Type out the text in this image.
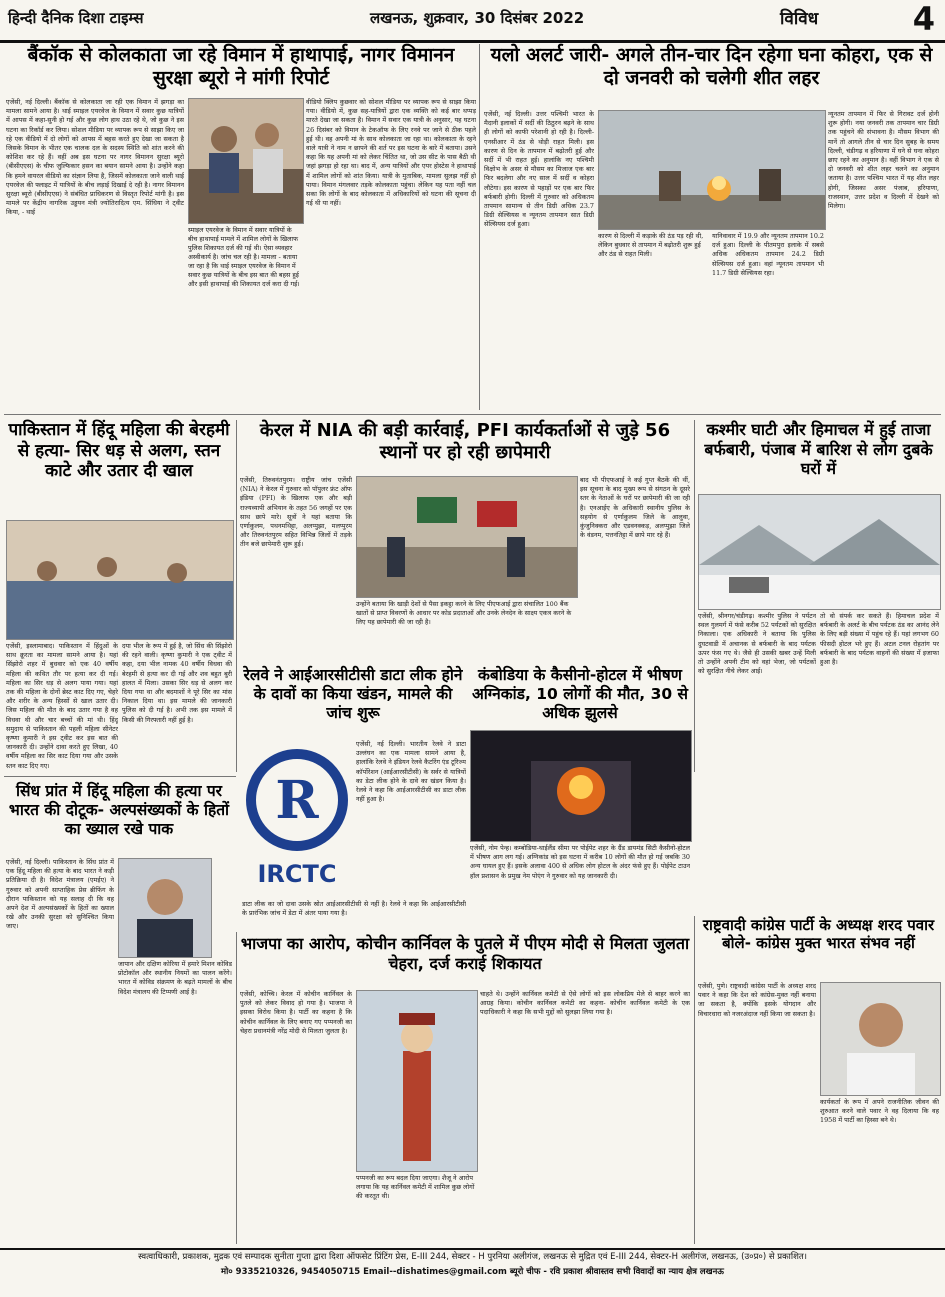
हिन्दी दैनिक दिशा टाइम्स	लखनऊ, शुक्रवार, 30 दिसंबर 2022	विविध	4
बैंकॉक से कोलकाता जा रहे विमान में हाथापाई, नागर विमानन सुरक्षा ब्यूरो ने मांगी रिपोर्ट
एजेंसी, नई दिल्ली। बैंकॉक से कोलकाता जा रही एक विमान में झगड़ा का मामला सामने आया है। थाई स्माइल एयरवेज के विमान में सवार कुछ यात्रियों में आपस में कहा-सुनी हो गई और कुछ लोग हाथ उठा रहे थे, जो कुछ ने इस घटना का रिकॉर्ड कर लिया। सोशल मीडिया पर व्यापक रूप से साझा किए जा रहे एक वीडियो में दो लोगों को आपस में बहस करते हुए देखा जा सकता है जिसके विमान के भीतर एक चालक दल के सदस्य स्थिति को शांत करने की कोशिश कर रहे हैं। वहीं अब इस घटना पर नागर विमानन सुरक्षा ब्यूरो (बीसीएएस) के चीफ जुल्फिकार हसन का बयान सामने आया है। उन्होंने कहा कि हमने वायरल वीडियो का संज्ञान लिया है, जिसमें कोलकाता जाने वाली थाई एयरवेज की फ्लाइट में यात्रियों के बीच लड़ाई दिखाई दे रही है। नागर विमानन सुरक्षा ब्यूरो (बीसीएएस) ने संबंधित प्राधिकरण से विस्तृत रिपोर्ट मांगी है। इस मामले पर केंद्रीय नागरिक उड्डयन मंत्री ज्योतिरादित्य एम. सिंधिया ने ट्वीट किया, - थाई
स्माइल एयरवेज के विमान में सवार यात्रियों के बीच हाथापाई मामले में शामिल लोगों के खिलाफ पुलिस शिकायत दर्ज की गई थी। ऐसा व्यवहार अस्वीकार्य है। जांच चल रही है। मामला - बताया जा रहा है कि थाई स्माइल एयरवेज के विमान में सवार कुछ यात्रियों के बीच इस बात की बहस हुई और इसी हाथापाई की शिकायत दर्ज करा दी गई।
वीडियो क्लिप कुछवार को सोशल मीडिया पर व्यापक रूप से साझा किया गया। वीडियो में, कुछ सह-यात्रियों द्वारा एक व्यक्ति को कई बार थप्पड़ मारते देखा जा सकता है। विमान में सवार एक यात्री के अनुसार, यह घटना 26 दिसंबर को विमान के टेकऑफ के लिए रनवे पर जाने से ठीक पहले हुई थी। वह अपनी मां के साथ कोलकाता जा रहा था। कोलकाता के रहने वाले यात्री ने नाम न छापने की शर्त पर इस घटना के बारे में बताया। उसने कहा कि यह अपनी मां को लेकर चिंतित था, जो उस सीट के पास बैठी थी जहां झगड़ा हो रहा था। बाद में, अन्य यात्रियों और एयर होस्टेस ने हाथापाई में शामिल लोगों को शांत किया। यात्री के मुताबिक, मामला सुलझ नहीं हो पाया। विमान मंगलवार तड़के कोलकाता पहुंचा। लेकिन यह पता नहीं चल सका कि लोगों के बाद कोलकाता में अधिकारियों को घटना की सूचना दी गई थी या नहीं।
यलो अलर्ट जारी- अगले तीन-चार दिन रहेगा घना कोहरा, एक से दो जनवरी को चलेगी शीत लहर
एजेंसी, नई दिल्ली। उत्तर पश्चिमी भारत के मैदानी इलाकों में सर्दी की ठिठुरन बढ़ने के साथ ही लोगों को काफी परेशानी हो रही है। दिल्ली-एनसीआर में ठंड से थोड़ी राहत मिली। इस कारण से दिन के तापमान में बढ़ोतरी हुई और सर्दी में भी राहत हुई। हालांकि नए पश्चिमी विक्षोभ के असर से मौसम का मिजाज एक बार फिर बदलेगा और नए साल में सर्दी व कोहरा लौटेगा। इस कारण से पहाड़ों पर एक बार फिर बर्फबारी होगी। दिल्ली में गुरुवार को अधिकतम तापमान सामान्य से तीन डिग्री अधिक 23.7 डिग्री सेल्सियस व न्यूनतम तापमान सात डिग्री सेल्सियस दर्ज हुआ।
कारण से दिल्ली में कड़ाके की ठंड पड़ रही थी, लेकिन बुधवार से तापमान में बढ़ोतरी शुरू हुई और ठंड से राहत मिली।
यानिवावार में 19.9 और न्यूनतम तापमान 10.2 दर्ज हुआ। दिल्ली के पीतमपुरा इलाके में सबसे अधिक अधिकतम तापमान 24.2 डिग्री सेल्सियस दर्ज हुआ। वहां न्यूनतम तापमान भी 11.7 डिग्री सेल्सियस रहा।
न्यूनतम तापमान में फिर से गिरावट दर्ज होनी शुरू होगी। नया जनवरी तक तापमान चार डिग्री तक पहुंचने की संभावना है। मौसम विभाग की मानें तो आगले तीन से चार दिन सुबह के समय दिल्ली, चंडीगढ़ व हरियाणा में घने से घना कोहरा छाए रहने का अनुमान है। वहीं विभाग ने एक से दो जनवरी को शीत लहर चलने का अनुमान जताया है। उत्तर पश्चिम भारत में यह शीत लहर होगी, जिसका असर पंजाब, हरियाणा, राजस्थान, उत्तर प्रदेश व दिल्ली में देखने को मिलेगा।
पाकिस्तान में हिंदू महिला की बेरहमी से हत्या- सिर धड़ से अलग, स्तन काटे और उतार दी खाल
एजेंसी, इस्लामाबाद। पाकिस्तान में हिंदुओं के साथ क्रूरता का मामला सामने आया है। यहां सिंझोरो शहर में बुधवार को एक 40 वर्षीय महिला की कथित तौर पर हत्या कर दी गई। महिला का सिर धड़ से अलग पाया गया। यहां तक की महिला के दोनों ब्रेस्ट काट दिए गए, चेहरे और शरीर के अन्य हिस्सों से खाल उतार दी। जिस महिला की मौत के बाद उतार गया है वह विधवा थी और चार बच्चों की मां थी। हिंदू समुदाय से पाकिस्तान की पहली महिला सीनेटर कृष्णा कुमारी ने इस ट्वीट कर इस बात की जानकारी दी। उन्होंने दावा करते हुए लिखा, 40 वर्षीय महिला का सिर काट दिया गया और उसके स्तन काट दिए गए।
दया भील के रूप में हुई है, जो सिंध की सिंझोरो की रहने वाली। कृष्णा कुमारी ने एक ट्वीट में कहा, दया भील नामक 40 वर्षीय विधवा की बेरहमी से हत्या कर दी गई और शव बहुत बुरी हालत में मिला। उसका सिर धड़ से अलग कर दिया गया था और बदमाशों ने पूरे सिर का मांस निकाल दिया था। इस मामले की जानकारी पुलिस को दी गई है। अभी तक इस मामले में किसी की गिरफ्तारी नहीं हुई है।
केरल में NIA की बड़ी कार्रवाई, PFI कार्यकर्ताओं से जुड़े 56 स्थानों पर हो रही छापेमारी
एजेंसी, तिरुवनंतपुरम। राष्ट्रीय जांच एजेंसी (NIA) ने केरल में गुरुवार को पॉपुलर फ्रंट ऑफ इंडिया (PFI) के खिलाफ एक और बड़ी राज्यव्यापी अभियान के तहत 56 जगहों पर एक साथ छापे मारे। सूत्रों ने यहां बताया कि एर्णाकुलम, पथनमथिट्टा, अलप्पुझा, मलप्पुरम और तिरुवनंतपुरम सहित विभिन्न जिलों में तड़के तीन बजे छापेमारी शुरू हुई।
उन्होंने बताया कि खाड़ी देशों से पैसा इकट्ठा करने के लिए पीएफआई द्वारा संचालित 100 बैंक खातों से प्राप्त विवरणों के आधार पर कोड प्रदाताओं और उनके लेनदेन के साक्ष्य एकत्र करने के लिए यह छापेमारी की जा रही है।
बाद भी पीएफआई ने कई गुप्त बैठकें की थीं, इस सूचना के बाद मुख्य रूप से संगठन के दूसरे स्तर के नेताओं के घरों पर छापेमारी की जा रही है। एनआईए के अधिकारी स्थानीय पुलिस के सहयोग से एर्णाकुलम जिले के आलुवा, कुंजुनिक्करा और एडवनक्कड़, अलप्पुझा जिले के वंडनम, पत्तनंतिट्टा में छापे मार रहे हैं।
कश्मीर घाटी और हिमाचल में हुई ताजा बर्फबारी, पंजाब में बारिश से लोग दुबके घरों में
एजेंसी, श्रीनगर/चंडीगढ़। कश्मीर पुलिस ने पर्यटन स्थल गुलमर्ग में फंसे करीब 52 पर्यटकों को सुरक्षित निकाला। एक अधिकारी ने बताया कि पुलिस दुघटवाडी में अचानक से बर्फबारी के बाद पर्यटक ऊपर फंस गए थे। जैसे ही उसकी खबर उन्हें मिली तो उन्होंने अपनी टीम को वहां भेजा, जो पर्यटकों को सुरक्षित नीचे लेकर आई।
तो वो संपर्क कर सकते हैं। हिमाचल प्रदेश में बर्फबारी के अलर्ट के बीच पर्यटक ठंड का आनंद लेने के लिए बड़ी संख्या में पहुंच रहे हैं। यहां लगभग 60 फीसदी होटल भरे हुए हैं। अटल टनल रोहतांग पर बर्फबारी के बाद पर्यटक वाहनों की संख्या में इजाफा हुआ है।
रेलवे ने आईआरसीटीसी डाटा लीक होने के दावों का किया खंडन, मामले की जांच शुरू
R
IRCTC
एजेंसी, नई दिल्ली। भारतीय रेलवे ने डाटा उल्लंघन का एक मामला सामने आया है, हालांकि रेलवे ने इंडियन रेलवे कैटरिंग एंड टूरिज्म कॉर्पोरेशन (आईआरसीटीसी) के सर्वर से यात्रियों का डेटा लीक होने के दावे का खंडन किया है। रेलवे ने कहा कि आईआरसीटीसी का डाटा लीक नहीं हुआ है।
डाटा लीक का जो दावा उसके स्रोत आईआरसीटीसी से नहीं है। रेलवे ने कहा कि आईआरसीटीसी के प्रारंभिक जांच में डेटा में अंतर पाया गया है।
कंबोडिया के कैसीनो-होटल में भीषण अग्निकांड, 10 लोगों की मौत, 30 से अधिक झुलसे
एजेंसी, नोम पेन्ह। कम्बोडिया-थाईलैंड सीमा पर पोईपेट शहर के ग्रैंड डायमंड सिटी कैसीनो-होटल में भीषण आग लग गई। अग्निकांड को इस घटना में करीब 10 लोगों की मौत हो गई जबकि 30 अन्य घायल हुए हैं। इसके अलावा 400 से अधिक लोग होटल के अंदर फंसे हुए हैं। पोईपेट टाउन हॉल प्रशासन के प्रमुख नेम पोएंग ने गुरुवार को यह जानकारी दी।
सिंध प्रांत में हिंदू महिला की हत्या पर भारत की दोटूक- अल्पसंख्यकों के हितों का ख्याल रखे पाक
एजेंसी, नई दिल्ली। पाकिस्तान के सिंध प्रांत में एक हिंदू महिला की हत्या के बाद भारत ने कड़ी प्रतिक्रिया दी है। विदेश मंत्रालय (एमईए) ने गुरुवार को अपनी साप्ताहिक प्रेस ब्रीफिंग के दौरान पाकिस्तान को यह सलाह दी कि वह अपने देश में अल्पसंख्यकों के हितों का ख्याल रखे और उनकी सुरक्षा को सुनिश्चित किया जाए।
जापान और दक्षिण कोरिया में हमारे मिशन कोविड प्रोटोकॉल और स्थानीय नियमों का पालन करेंगे। भारत में कोविड संक्रमण के बढ़ते मामलों के बीच विदेश मंत्रालय की टिप्पणी आई है।
राष्ट्रवादी कांग्रेस पार्टी के अध्यक्ष शरद पवार बोले- कांग्रेस मुक्त भारत संभव नहीं
एजेंसी, पुणे। राष्ट्रवादी कांग्रेस पार्टी के अध्यक्ष शरद पवार ने कहा कि देश को कांग्रेस-मुक्त नहीं बनाया जा सकता है, क्योंकि इसके योगदान और विचारधारा को नजरअंदाज नहीं किया जा सकता है।
कार्यकर्ता के रूप में अपने राजनीतिक जीवन की शुरुआत करने वाले पवार ने वह दिलाया कि वह 1958 में पार्टी का हिस्सा बने थे।
भाजपा का आरोप, कोचीन कार्निवल के पुतले में पीएम मोदी से मिलता जुलता चेहरा, दर्ज कराई शिकायत
एजेंसी, कोच्चि। केरल में कोचीन कार्निवल के पुतले को लेकर विवाद हो गया है। भाजपा ने इसका विरोध किया है। पार्टी का कहना है कि कोचीन कार्निवल के लिए बनाए गए पप्पनजी का चेहरा प्रधानमंत्री नरेंद्र मोदी से मिलता जुलता है।
पप्पनजी का रूप बदल दिया जाएगा। शैजू ने आरोप लगाया कि यह कार्निवल कमेटी में शामिल कुछ लोगों की करतूत थी।
चाहते थे। उन्होंने कार्निवल कमेटी से ऐसे लोगों को इस लोकप्रिय मेले से बाहर करने का आग्रह किया। कोचीन कार्निवल कमेटी का कहना- कोचीन कार्निवल कमेटी के एक पदाधिकारी ने कहा कि सभी मुद्दों को सुलझा लिया गया है।
स्वत्वाधिकारी, प्रकाशक, मुद्रक एवं सम्पादक सुनीता गुप्ता द्वारा दिशा ऑफसेट प्रिंटिंग प्रेस, E-III 244, सेक्टर - H पुरनिया अलीगंज, लखनऊ से मुद्रित एवं E-III 244, सेक्टर-H अलीगंज, लखनऊ, (उ०प्र०) से प्रकाशित।
मो० 9335210326, 9454050715 Email--dishatimes@gmail.com ब्यूरो चीफ - रवि प्रकाश श्रीवास्तव सभी विवादों का न्याय क्षेत्र लखनऊ
